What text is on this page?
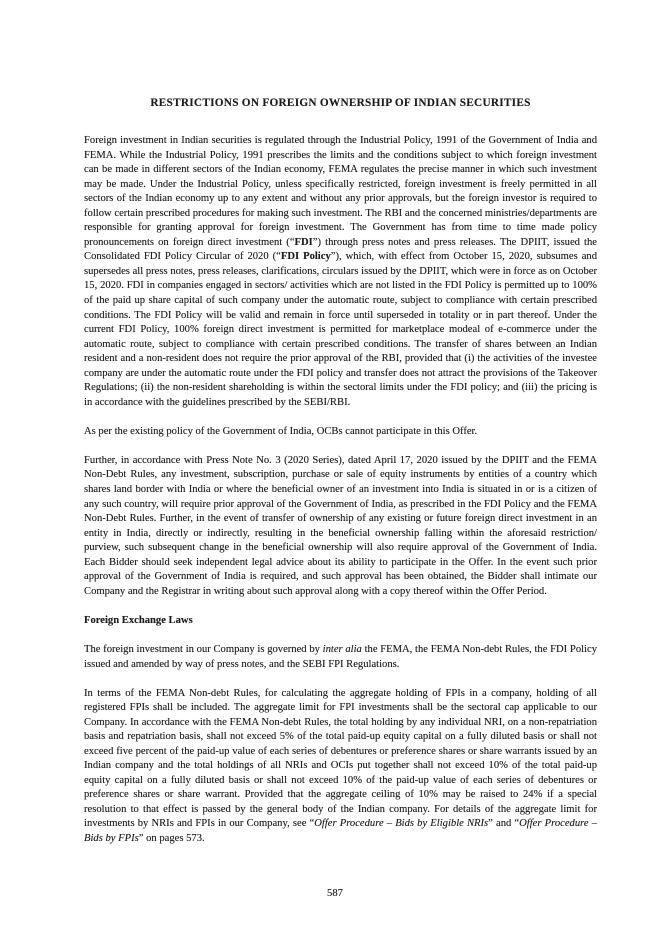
RESTRICTIONS ON FOREIGN OWNERSHIP OF INDIAN SECURITIES

Foreign investment in Indian securities is regulated through the Industrial Policy, 1991 of the Government of India and FEMA. While the Industrial Policy, 1991 prescribes the limits and the conditions subject to which foreign investment can be made in different sectors of the Indian economy, FEMA regulates the precise manner in which such investment may be made. Under the Industrial Policy, unless specifically restricted, foreign investment is freely permitted in all sectors of the Indian economy up to any extent and without any prior approvals, but the foreign investor is required to follow certain prescribed procedures for making such investment. The RBI and the concerned ministries/departments are responsible for granting approval for foreign investment. The Government has from time to time made policy pronouncements on foreign direct investment (“FDI”) through press notes and press releases. The DPIIT, issued the Consolidated FDI Policy Circular of 2020 (“FDI Policy”), which, with effect from October 15, 2020, subsumes and supersedes all press notes, press releases, clarifications, circulars issued by the DPIIT, which were in force as on October 15, 2020. FDI in companies engaged in sectors/ activities which are not listed in the FDI Policy is permitted up to 100% of the paid up share capital of such company under the automatic route, subject to compliance with certain prescribed conditions. The FDI Policy will be valid and remain in force until superseded in totality or in part thereof. Under the current FDI Policy, 100% foreign direct investment is permitted for marketplace modeal of e-commerce under the automatic route, subject to compliance with certain prescribed conditions. The transfer of shares between an Indian resident and a non-resident does not require the prior approval of the RBI, provided that (i) the activities of the investee company are under the automatic route under the FDI policy and transfer does not attract the provisions of the Takeover Regulations; (ii) the non-resident shareholding is within the sectoral limits under the FDI policy; and (iii) the pricing is in accordance with the guidelines prescribed by the SEBI/RBI.

As per the existing policy of the Government of India, OCBs cannot participate in this Offer.

Further, in accordance with Press Note No. 3 (2020 Series), dated April 17, 2020 issued by the DPIIT and the FEMA Non-Debt Rules, any investment, subscription, purchase or sale of equity instruments by entities of a country which shares land border with India or where the beneficial owner of an investment into India is situated in or is a citizen of any such country, will require prior approval of the Government of India, as prescribed in the FDI Policy and the FEMA Non-Debt Rules. Further, in the event of transfer of ownership of any existing or future foreign direct investment in an entity in India, directly or indirectly, resulting in the beneficial ownership falling within the aforesaid restriction/ purview, such subsequent change in the beneficial ownership will also require approval of the Government of India. Each Bidder should seek independent legal advice about its ability to participate in the Offer. In the event such prior approval of the Government of India is required, and such approval has been obtained, the Bidder shall intimate our Company and the Registrar in writing about such approval along with a copy thereof within the Offer Period.

Foreign Exchange Laws

The foreign investment in our Company is governed by inter alia the FEMA, the FEMA Non-debt Rules, the FDI Policy issued and amended by way of press notes, and the SEBI FPI Regulations.

In terms of the FEMA Non-debt Rules, for calculating the aggregate holding of FPIs in a company, holding of all registered FPIs shall be included. The aggregate limit for FPI investments shall be the sectoral cap applicable to our Company. In accordance with the FEMA Non-debt Rules, the total holding by any individual NRI, on a non-repatriation basis and repatriation basis, shall not exceed 5% of the total paid-up equity capital on a fully diluted basis or shall not exceed five percent of the paid-up value of each series of debentures or preference shares or share warrants issued by an Indian company and the total holdings of all NRIs and OCIs put together shall not exceed 10% of the total paid-up equity capital on a fully diluted basis or shall not exceed 10% of the paid-up value of each series of debentures or preference shares or share warrant. Provided that the aggregate ceiling of 10% may be raised to 24% if a special resolution to that effect is passed by the general body of the Indian company. For details of the aggregate limit for investments by NRIs and FPIs in our Company, see “Offer Procedure – Bids by Eligible NRIs” and “Offer Procedure – Bids by FPIs” on pages 573.

587
